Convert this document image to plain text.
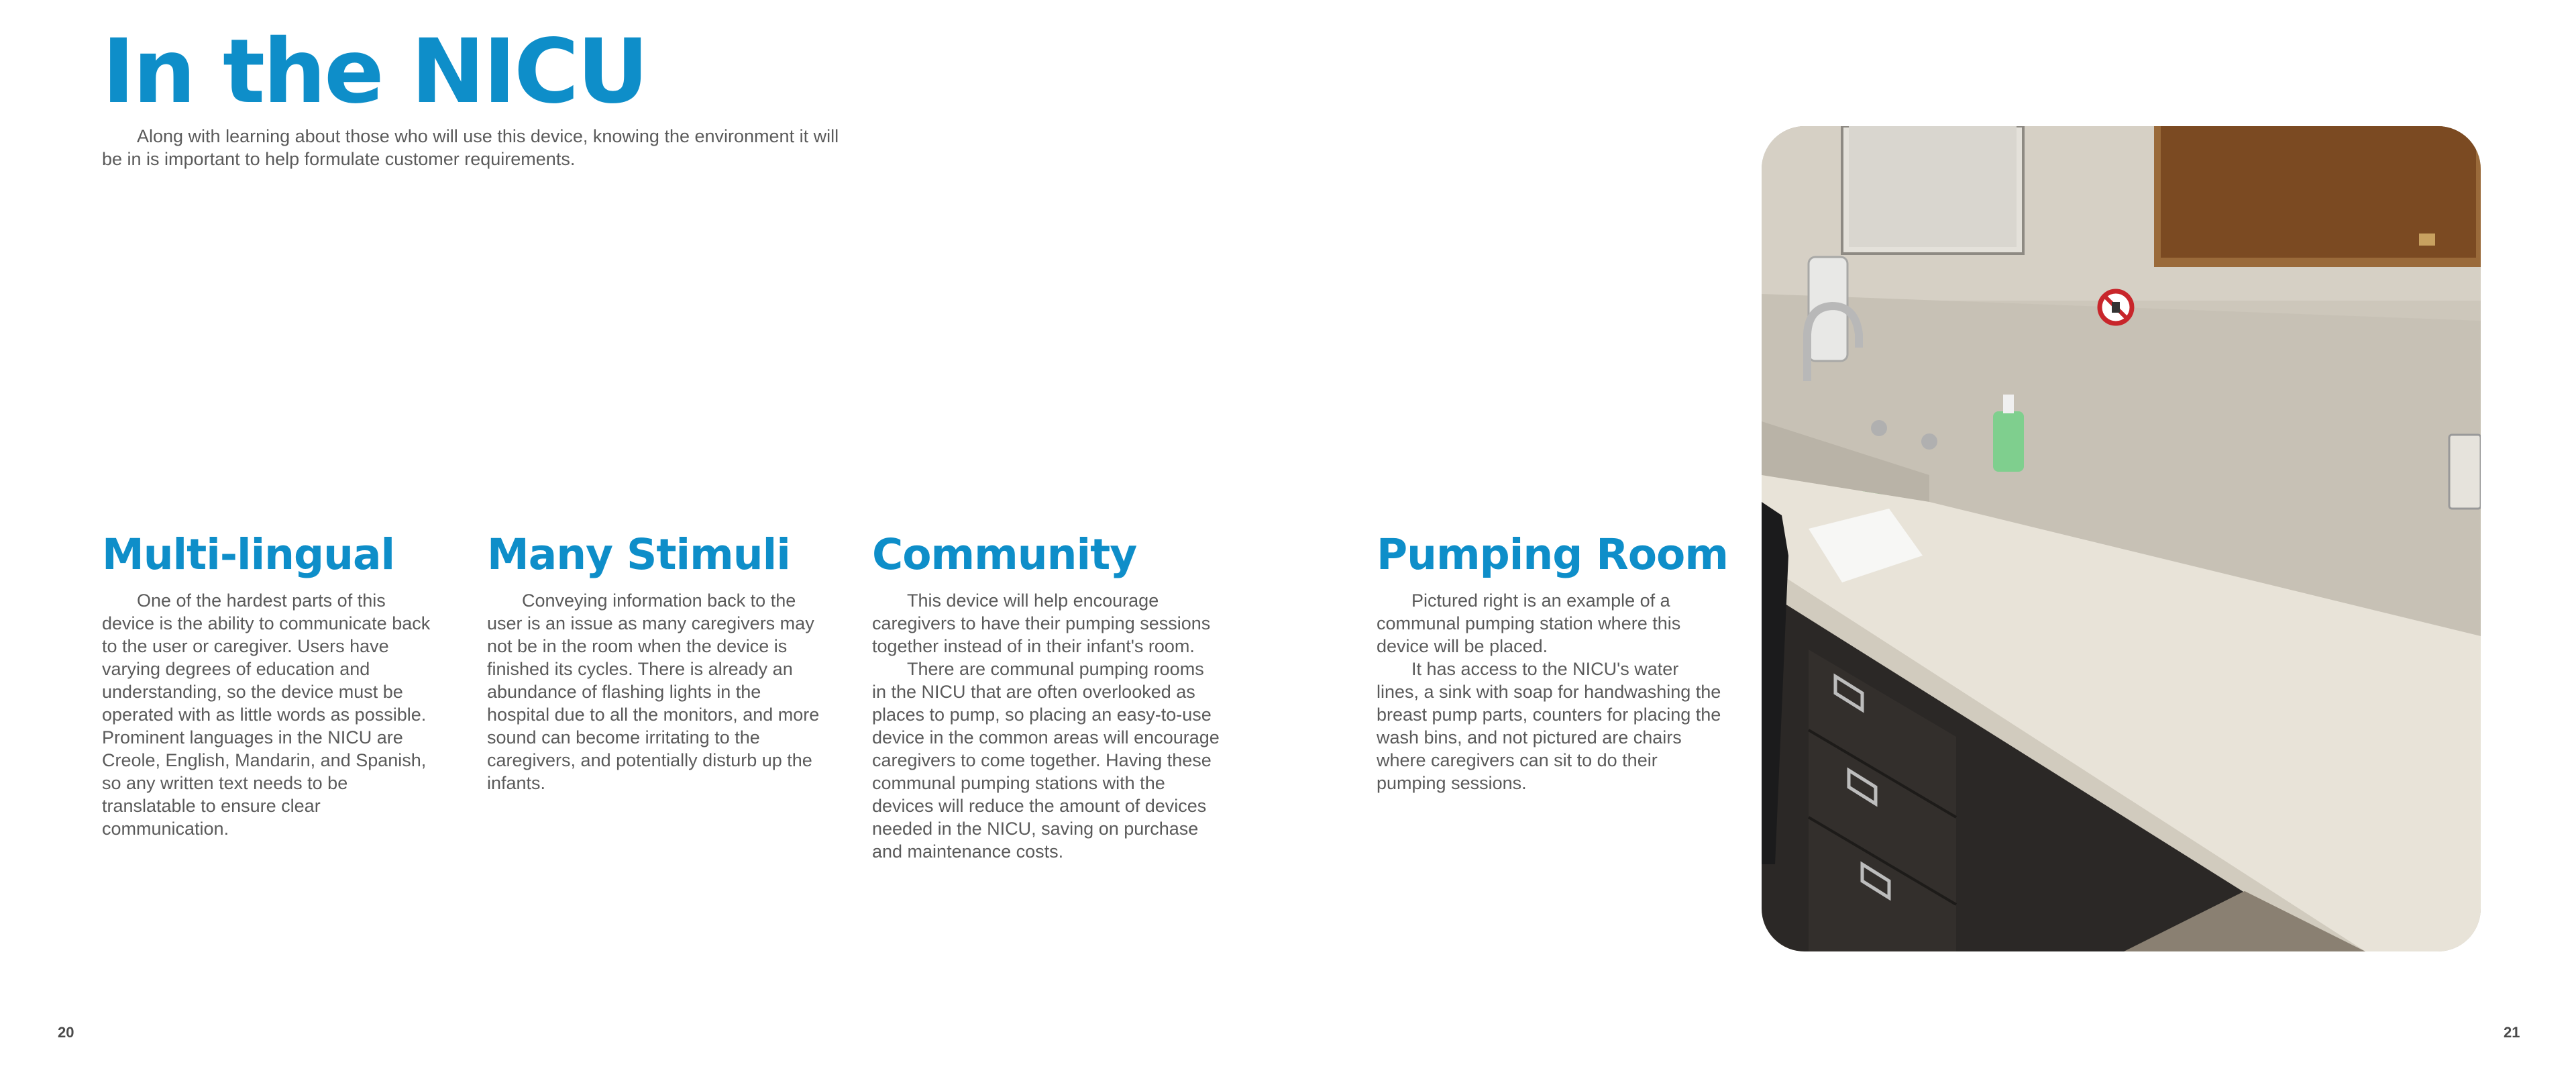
In the NICU

Along with learning about those who will use this device, knowing the environment it will be in is important to help formulate customer requirements.

Multi-lingual

One of the hardest parts of this device is the ability to communicate back to the user or caregiver. Users have varying degrees of education and understanding, so the device must be operated with as little words as possible. Prominent languages in the NICU are Creole, English, Mandarin, and Spanish, so any written text needs to be translatable to ensure clear communication.

Many Stimuli

Conveying information back to the user is an issue as many caregivers may not be in the room when the device is finished its cycles. There is already an abundance of flashing lights in the hospital due to all the monitors, and more sound can become irritating to the caregivers, and potentially disturb up the infants.

Community

This device will help encourage caregivers to have their pumping sessions together instead of in their infant's room.

There are communal pumping rooms in the NICU that are often overlooked as places to pump, so placing an easy-to-use device in the common areas will encourage caregivers to come together. Having these communal pumping stations with the devices will reduce the amount of devices needed in the NICU, saving on purchase and maintenance costs.

Pumping Room

Pictured right is an example of a communal pumping station where this device will be placed.

It has access to the NICU's water lines, a sink with soap for handwashing the breast pump parts, counters for placing the wash bins, and not pictured are chairs where caregivers can sit to do their pumping sessions.

20	21
